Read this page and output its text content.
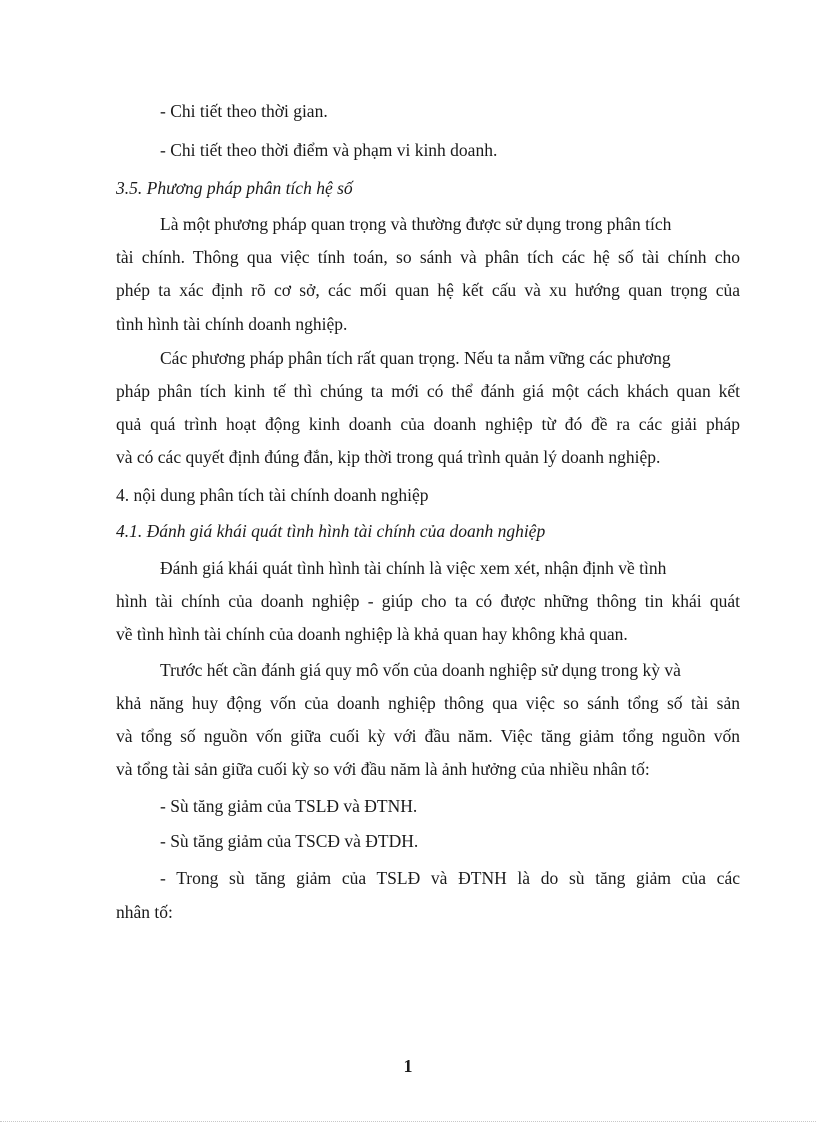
- Chi tiết theo thời gian.
- Chi tiết theo thời điểm và phạm vi kinh doanh.
3.5. Phương pháp phân tích hệ số
Là một phương pháp quan trọng và thường được sử dụng trong phân tích
tài chính. Thông qua việc tính toán, so sánh và phân tích các hệ số tài chính cho
phép ta xác định rõ cơ sở, các mối quan hệ kết cấu và xu hướng quan trọng của
tình hình tài chính doanh nghiệp.
Các phương pháp phân tích rất quan trọng. Nếu ta nắm vững các phương
pháp phân tích kinh tế thì chúng ta mới có thể đánh giá một cách khách quan kết
quả quá trình hoạt động kinh doanh của doanh nghiệp từ đó đề ra các giải pháp
và có các quyết định đúng đắn, kịp thời trong quá trình quản lý doanh nghiệp.
4. nội dung phân tích tài chính doanh nghiệp
4.1. Đánh giá khái quát tình hình tài chính của doanh nghiệp
Đánh giá khái quát tình hình tài chính là việc xem xét, nhận định về tình
hình tài chính của doanh nghiệp - giúp cho ta có được những thông tin khái quát
về tình hình tài chính của doanh nghiệp là khả quan hay không khả quan.
Trước hết cần đánh giá quy mô vốn của doanh nghiệp sử dụng trong kỳ và
khả năng huy động vốn của doanh nghiệp thông qua việc so sánh tổng số tài sản
và tổng số nguồn vốn giữa cuối kỳ với đầu năm. Việc tăng giảm tổng nguồn vốn
và tổng tài sản giữa cuối kỳ so với đầu năm là ảnh hưởng của nhiều nhân tố:
- Sù tăng giảm của TSLĐ và ĐTNH.
- Sù tăng giảm của TSCĐ và ĐTDH.
- Trong sù tăng giảm của TSLĐ và ĐTNH là do sù tăng giảm của các
nhân tố:
1
